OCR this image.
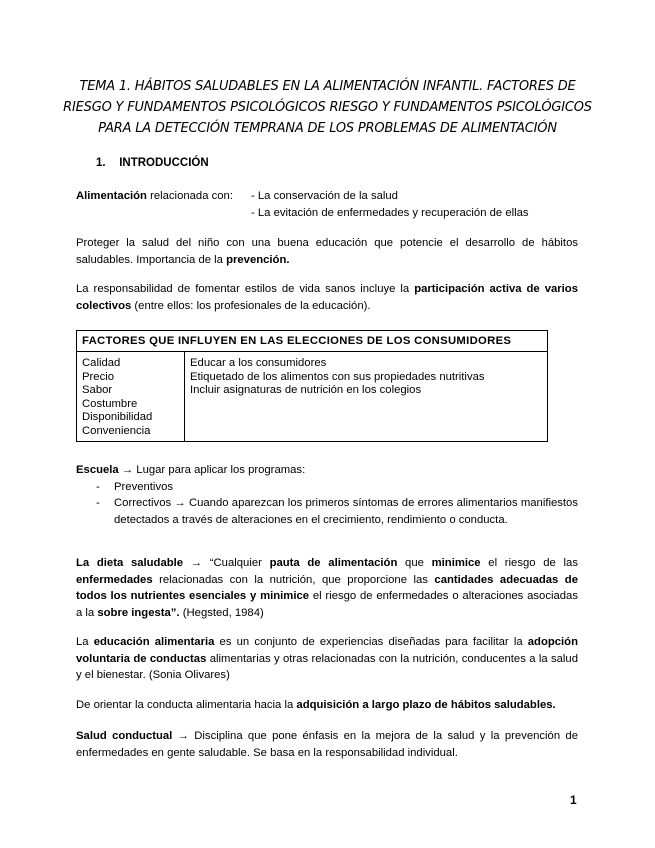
TEMA 1. HÁBITOS SALUDABLES EN LA ALIMENTACIÓN INFANTIL. FACTORES DE
RIESGO Y FUNDAMENTOS PSICOLÓGICOS RIESGO Y FUNDAMENTOS PSICOLÓGICOS
PARA LA DETECCIÓN TEMPRANA DE LOS PROBLEMAS DE ALIMENTACIÓN
1. INTRODUCCIÓN
Alimentación relacionada con: - La conservación de la salud
- La evitación de enfermedades y recuperación de ellas
Proteger la salud del niño con una buena educación que potencie el desarrollo de hábitos saludables. Importancia de la prevención.
La responsabilidad de fomentar estilos de vida sanos incluye la participación activa de varios colectivos (entre ellos: los profesionales de la educación).
FACTORES QUE INFLUYEN EN LAS ELECCIONES DE LOS CONSUMIDORES

Calidad
Precio
Sabor
Costumbre
Disponibilidad
Conveniencia

Educar a los consumidores
Etiquetado de los alimentos con sus propiedades nutritivas
Incluir asignaturas de nutrición en los colegios
Escuela → Lugar para aplicar los programas:
- Preventivos
- Correctivos → Cuando aparezcan los primeros síntomas de errores alimentarios manifiestos detectados a través de alteraciones en el crecimiento, rendimiento o conducta.
La dieta saludable → “Cualquier pauta de alimentación que minimice el riesgo de las enfermedades relacionadas con la nutrición, que proporcione las cantidades adecuadas de todos los nutrientes esenciales y minimice el riesgo de enfermedades o alteraciones asociadas a la sobre ingesta”. (Hegsted, 1984)
La educación alimentaria es un conjunto de experiencias diseñadas para facilitar la adopción voluntaria de conductas alimentarias y otras relacionadas con la nutrición, conducentes a la salud y el bienestar. (Sonia Olivares)
De orientar la conducta alimentaria hacia la adquisición a largo plazo de hábitos saludables.
Salud conductual → Disciplina que pone énfasis en la mejora de la salud y la prevención de enfermedades en gente saludable. Se basa en la responsabilidad individual.
1
